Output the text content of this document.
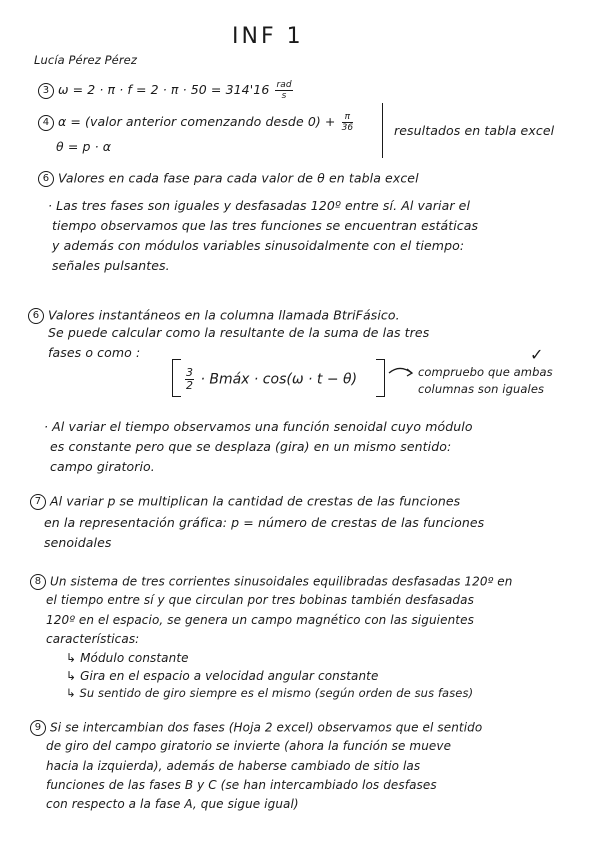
INF 1
Lucía Pérez Pérez
3 $\omega = 2 \cdot \pi \cdot f = 2 \cdot \pi \cdot 50 = 314'16 \frac{\text{rad}}{s}$
4 α = (valor anterior comenzando desde $0) + \frac{\pi}{36}$
θ = p · α
resultados en tabla excel
6 Valores en cada fase para cada valor de θ en tabla excel
· Las tres fases son iguales y desfasadas 120º entre sí. Al variar el
tiempo observamos que las tres funciones se encuentran estáticas
y además con módulos variables sinusoidalmente con el tiempo:
señales pulsantes.
6 Valores instantáneos en la columna llamada BtriFásico.
Se puede calcular como la resultante de la suma de las tres
fases o como :
$\frac{3}{2}$ · Bmáx · cos(ω · t − θ)	compruebo que ambas
columnas son iguales
✓
· Al variar el tiempo observamos una función senoidal cuyo módulo
es constante pero que se desplaza (gira) en un mismo sentido:
campo giratorio.
7 Al variar p se multiplican la cantidad de crestas de las funciones
en la representación gráfica: p = número de crestas de las funciones
senoidales
8 Un sistema de tres corrientes sinusoidales equilibradas desfasadas 120º en
el tiempo entre sí y que circulan por tres bobinas también desfasadas
120º en el espacio, se genera un campo magnético con las siguientes
características:
↳ Módulo constante
↳ Gira en el espacio a velocidad angular constante
↳ Su sentido de giro siempre es el mismo (según orden de sus fases)
9 Si se intercambian dos fases (Hoja 2 excel) observamos que el sentido
de giro del campo giratorio se invierte (ahora la función se mueve
hacia la izquierda), además de haberse cambiado de sitio las
funciones de las fases B y C (se han intercambiado los desfases
con respecto a la fase A, que sigue igual)
